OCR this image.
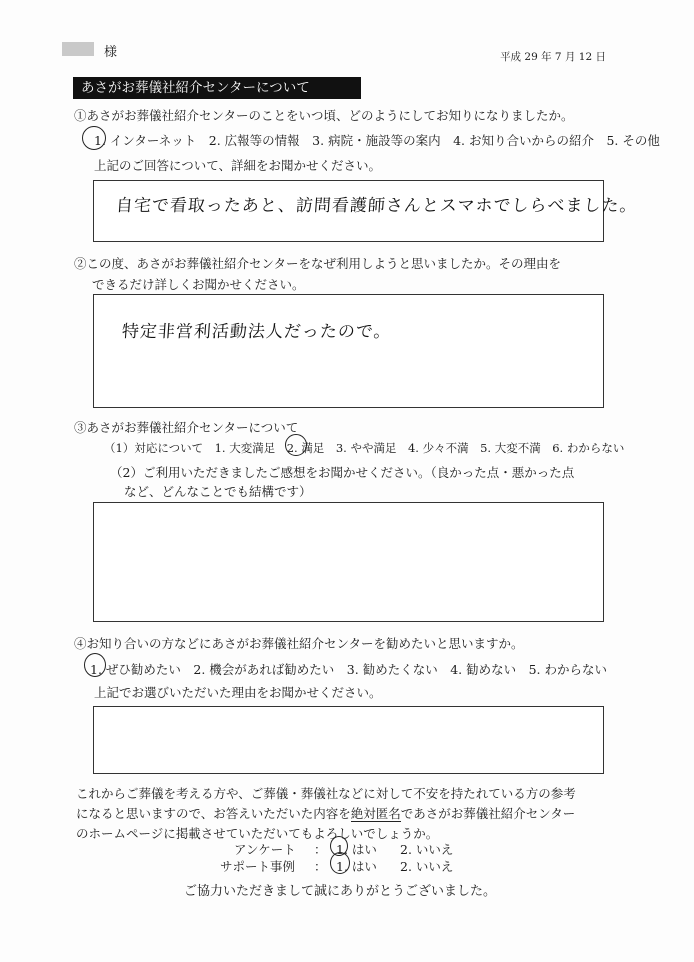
様	平成 29 年 7 月 12 日
あさがお葬儀社紹介センターについて
①あさがお葬儀社紹介センターのことをいつ頃、どのようにしてお知りになりましたか。
1. インターネット　2. 広報等の情報　3. 病院・施設等の案内　4. お知り合いからの紹介　5. その他
上記のご回答について、詳細をお聞かせください。
自宅で看取ったあと、訪問看護師さんとスマホでしらべました。
②この度、あさがお葬儀社紹介センターをなぜ利用しようと思いましたか。その理由を
できるだけ詳しくお聞かせください。
特定非営利活動法人だったので。
③あさがお葬儀社紹介センターについて
（1）対応について　1. 大変満足　2. 満足　3. やや満足　4. 少々不満　5. 大変不満　6. わからない
（2）ご利用いただきましたご感想をお聞かせください。（良かった点・悪かった点
など、どんなことでも結構です）
④お知り合いの方などにあさがお葬儀社紹介センターを勧めたいと思いますか。
1. ぜひ勧めたい　2. 機会があれば勧めたい　3. 勧めたくない　4. 勧めない　5. わからない
上記でお選びいただいた理由をお聞かせください。
これからご葬儀を考える方や、ご葬儀・葬儀社などに対して不安を持たれている方の参考
になると思いますので、お答えいただいた内容を絶対匿名であさがお葬儀社紹介センター
のホームページに掲載させていただいてもよろしいでしょうか。
アンケート ： 1. はい 2. いいえ
サポート事例 ： 1. はい 2. いいえ
ご協力いただきまして誠にありがとうございました。
